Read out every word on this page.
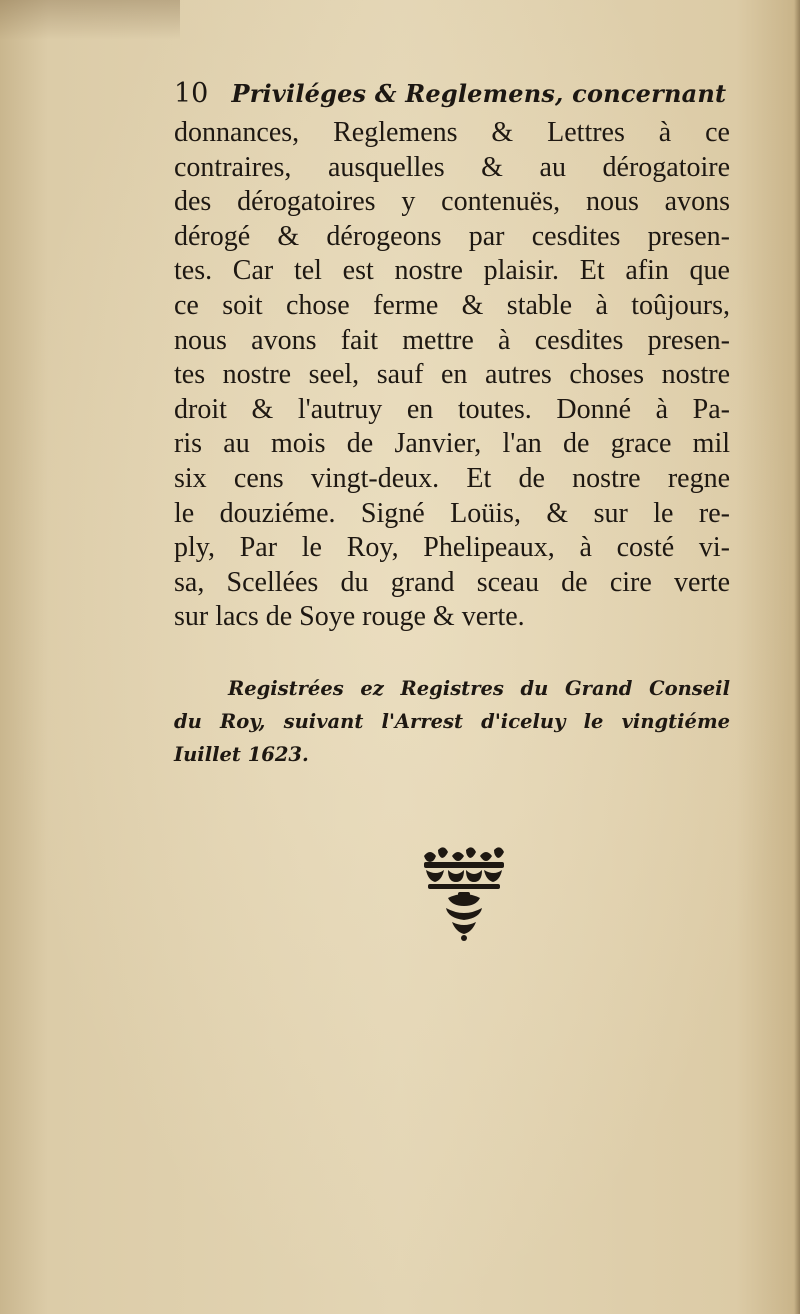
10 Priviléges & Reglemens, concernant
donnances, Reglemens & Lettres à ce
contraires, ausquelles & au dérogatoire
des dérogatoires y contenuës, nous avons
dérogé & dérogeons par cesdites presen-
tes. Car tel est nostre plaisir. Et afin que
ce soit chose ferme & stable à toûjours,
nous avons fait mettre à cesdites presen-
tes nostre seel, sauf en autres choses nostre
droit & l'autruy en toutes. Donné à Pa-
ris au mois de Janvier, l'an de grace mil
six cens vingt-deux. Et de nostre regne
le douziéme. Signé Loüis, & sur le re-
ply, Par le Roy, Phelipeaux, à costé vi-
sa, Scellées du grand sceau de cire verte
sur lacs de Soye rouge & verte.
Registrées ez Registres du Grand Conseil
du Roy, suivant l'Arrest d'iceluy le vingtiéme
Iuillet 1623.
